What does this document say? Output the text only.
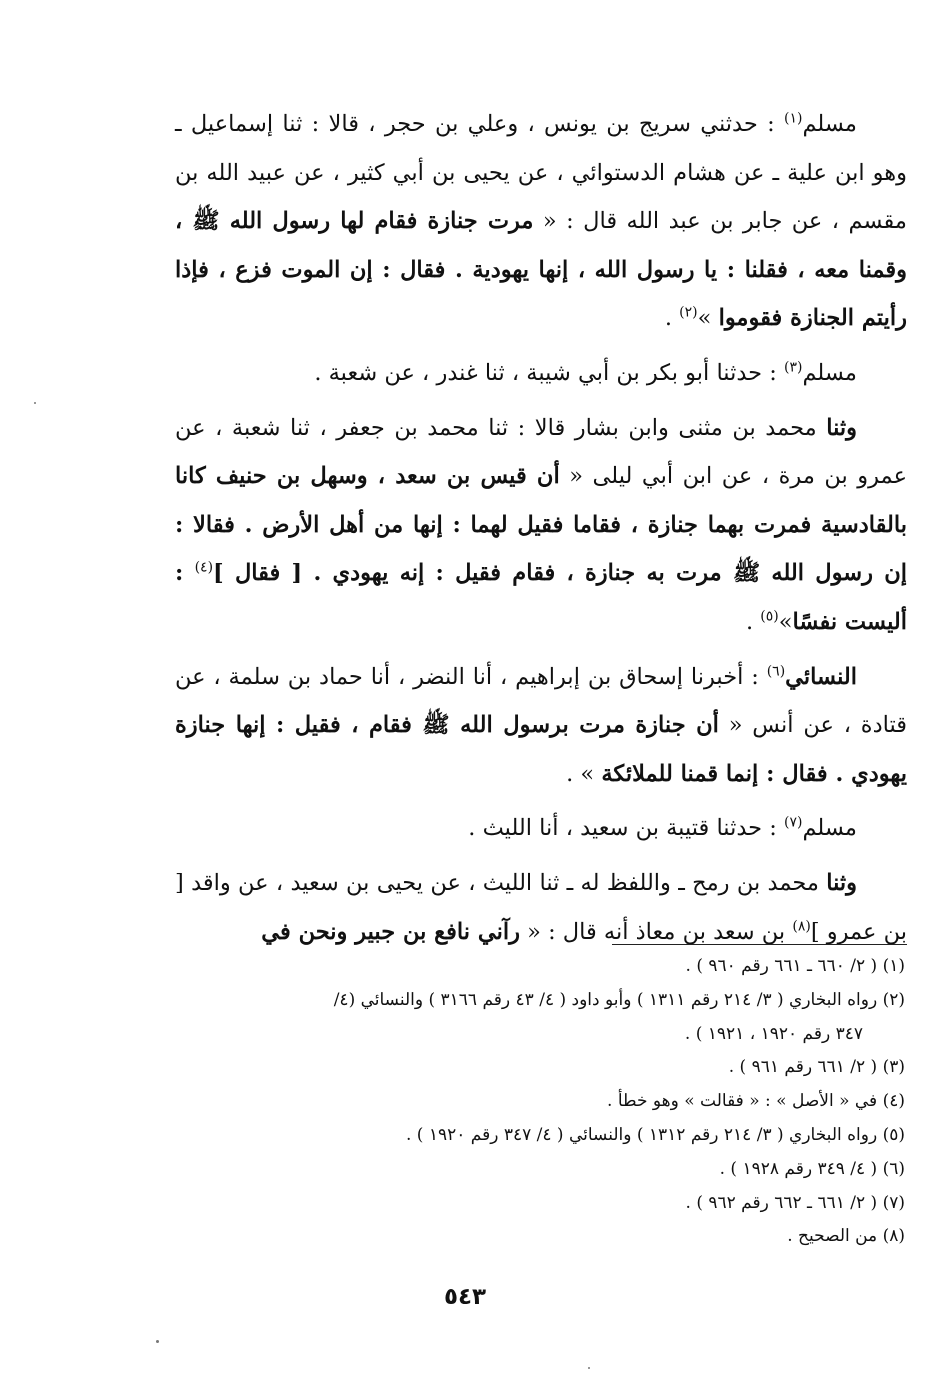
مسلم$^{(١)}$ : حدثني سريج بن يونس ، وعلي بن حجر ، قالا : ثنا إسماعيل ـ وهو ابن علية ـ عن هشام الدستوائي ، عن يحيى بن أبي كثير ، عن عبيد الله بن مقسم ، عن جابر بن عبد الله قال : « مرت جنازة فقام لها رسول الله ﷺ ، وقمنا معه ، فقلنا : يا رسول الله ، إنها يهودية . فقال : إن الموت فزع ، فإذا رأيتم الجنازة فقوموا »$^{(٢)}$ .

مسلم$^{(٣)}$ : حدثنا أبو بكر بن أبي شيبة ، ثنا غندر ، عن شعبة .

وثنا محمد بن مثنى وابن بشار قالا : ثنا محمد بن جعفر ، ثنا شعبة ، عن عمرو بن مرة ، عن ابن أبي ليلى « أن قيس بن سعد ، وسهل بن حنيف كانا بالقادسية فمرت بهما جنازة ، فقاما فقيل لهما : إنها من أهل الأرض . فقالا : إن رسول الله ﷺ مرت به جنازة ، فقام فقيل : إنه يهودي . [ فقال ]$^{(٤)}$ : أليست نفسًا»$^{(٥)}$ .

النسائي$^{(٦)}$ : أخبرنا إسحاق بن إبراهيم ، أنا النضر ، أنا حماد بن سلمة ، عن قتادة ، عن أنس « أن جنازة مرت برسول الله ﷺ فقام ، فقيل : إنها جنازة يهودي . فقال : إنما قمنا للملائكة » .

مسلم$^{(٧)}$ : حدثنا قتيبة بن سعيد ، أنا الليث .

وثنا محمد بن رمح ـ واللفظ له ـ ثنا الليث ، عن يحيى بن سعيد ، عن واقد [ بن عمرو ]$^{(٨)}$ بن سعد بن معاذ أنه قال : « رآني نافع بن جبير ونحن في

(١) ( ٢/ ٦٦٠ ـ ٦٦١ رقم ٩٦٠ ) .

(٢) رواه البخاري ( ٣/ ٢١٤ رقم ١٣١١ ) وأبو داود ( ٤/ ٤٣ رقم ٣١٦٦ ) والنسائي (٤/
٣٤٧ رقم ١٩٢٠ ، ١٩٢١ ) .

(٣) ( ٢/ ٦٦١ رقم ٩٦١ ) .

(٤) في « الأصل » : « فقالت » وهو خطأ .

(٥) رواه البخاري ( ٣/ ٢١٤ رقم ١٣١٢ ) والنسائي ( ٤/ ٣٤٧ رقم ١٩٢٠ ) .

(٦) ( ٤/ ٣٤٩ رقم ١٩٢٨ ) .

(٧) ( ٢/ ٦٦١ ـ ٦٦٢ رقم ٩٦٢ ) .

(٨) من الصحيح .

٥٤٣
